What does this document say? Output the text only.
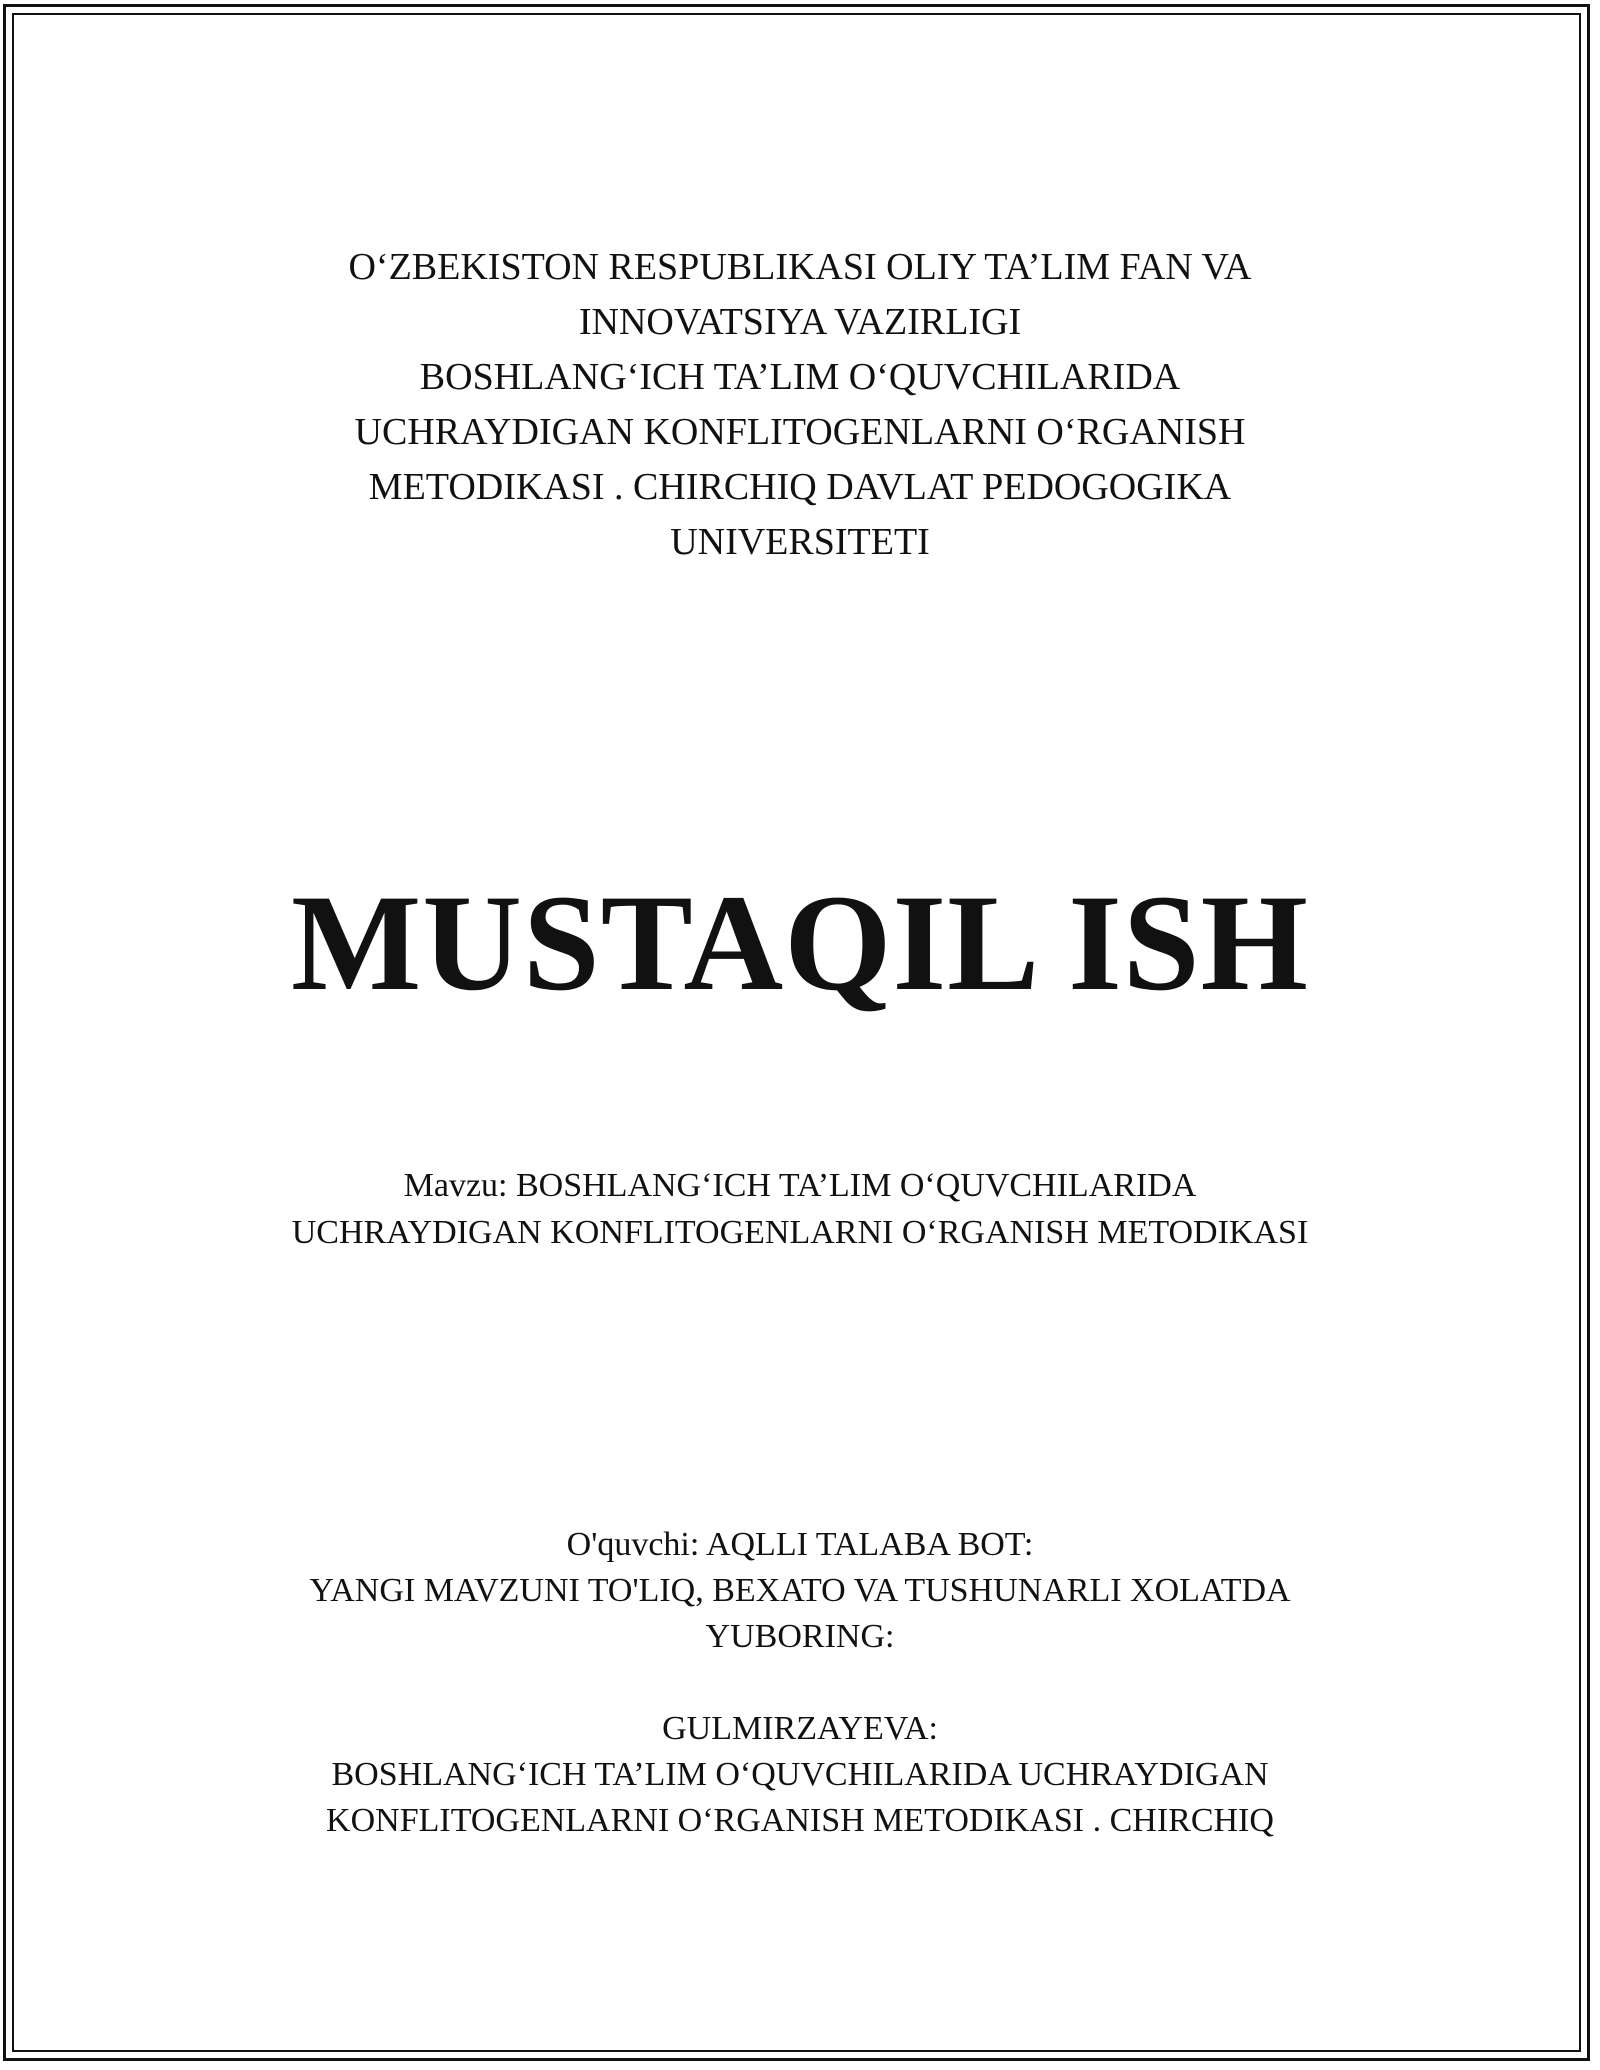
O‘ZBEKISTON RESPUBLIKASI OLIY TA’LIM FAN VA
INNOVATSIYA VAZIRLIGI
BOSHLANG‘ICH TA’LIM O‘QUVCHILARIDA
UCHRAYDIGAN KONFLITOGENLARNI O‘RGANISH
METODIKASI . CHIRCHIQ DAVLAT PEDOGOGIKA
UNIVERSITETI
MUSTAQIL ISH
Mavzu: BOSHLANG‘ICH TA’LIM O‘QUVCHILARIDA
UCHRAYDIGAN KONFLITOGENLARNI O‘RGANISH METODIKASI
O'quvchi: AQLLI TALABA BOT:
YANGI MAVZUNI TO'LIQ, BEXATO VA TUSHUNARLI XOLATDA
YUBORING:
GULMIRZAYEVA:
BOSHLANG‘ICH TA’LIM O‘QUVCHILARIDA UCHRAYDIGAN
KONFLITOGENLARNI O‘RGANISH METODIKASI . CHIRCHIQ
